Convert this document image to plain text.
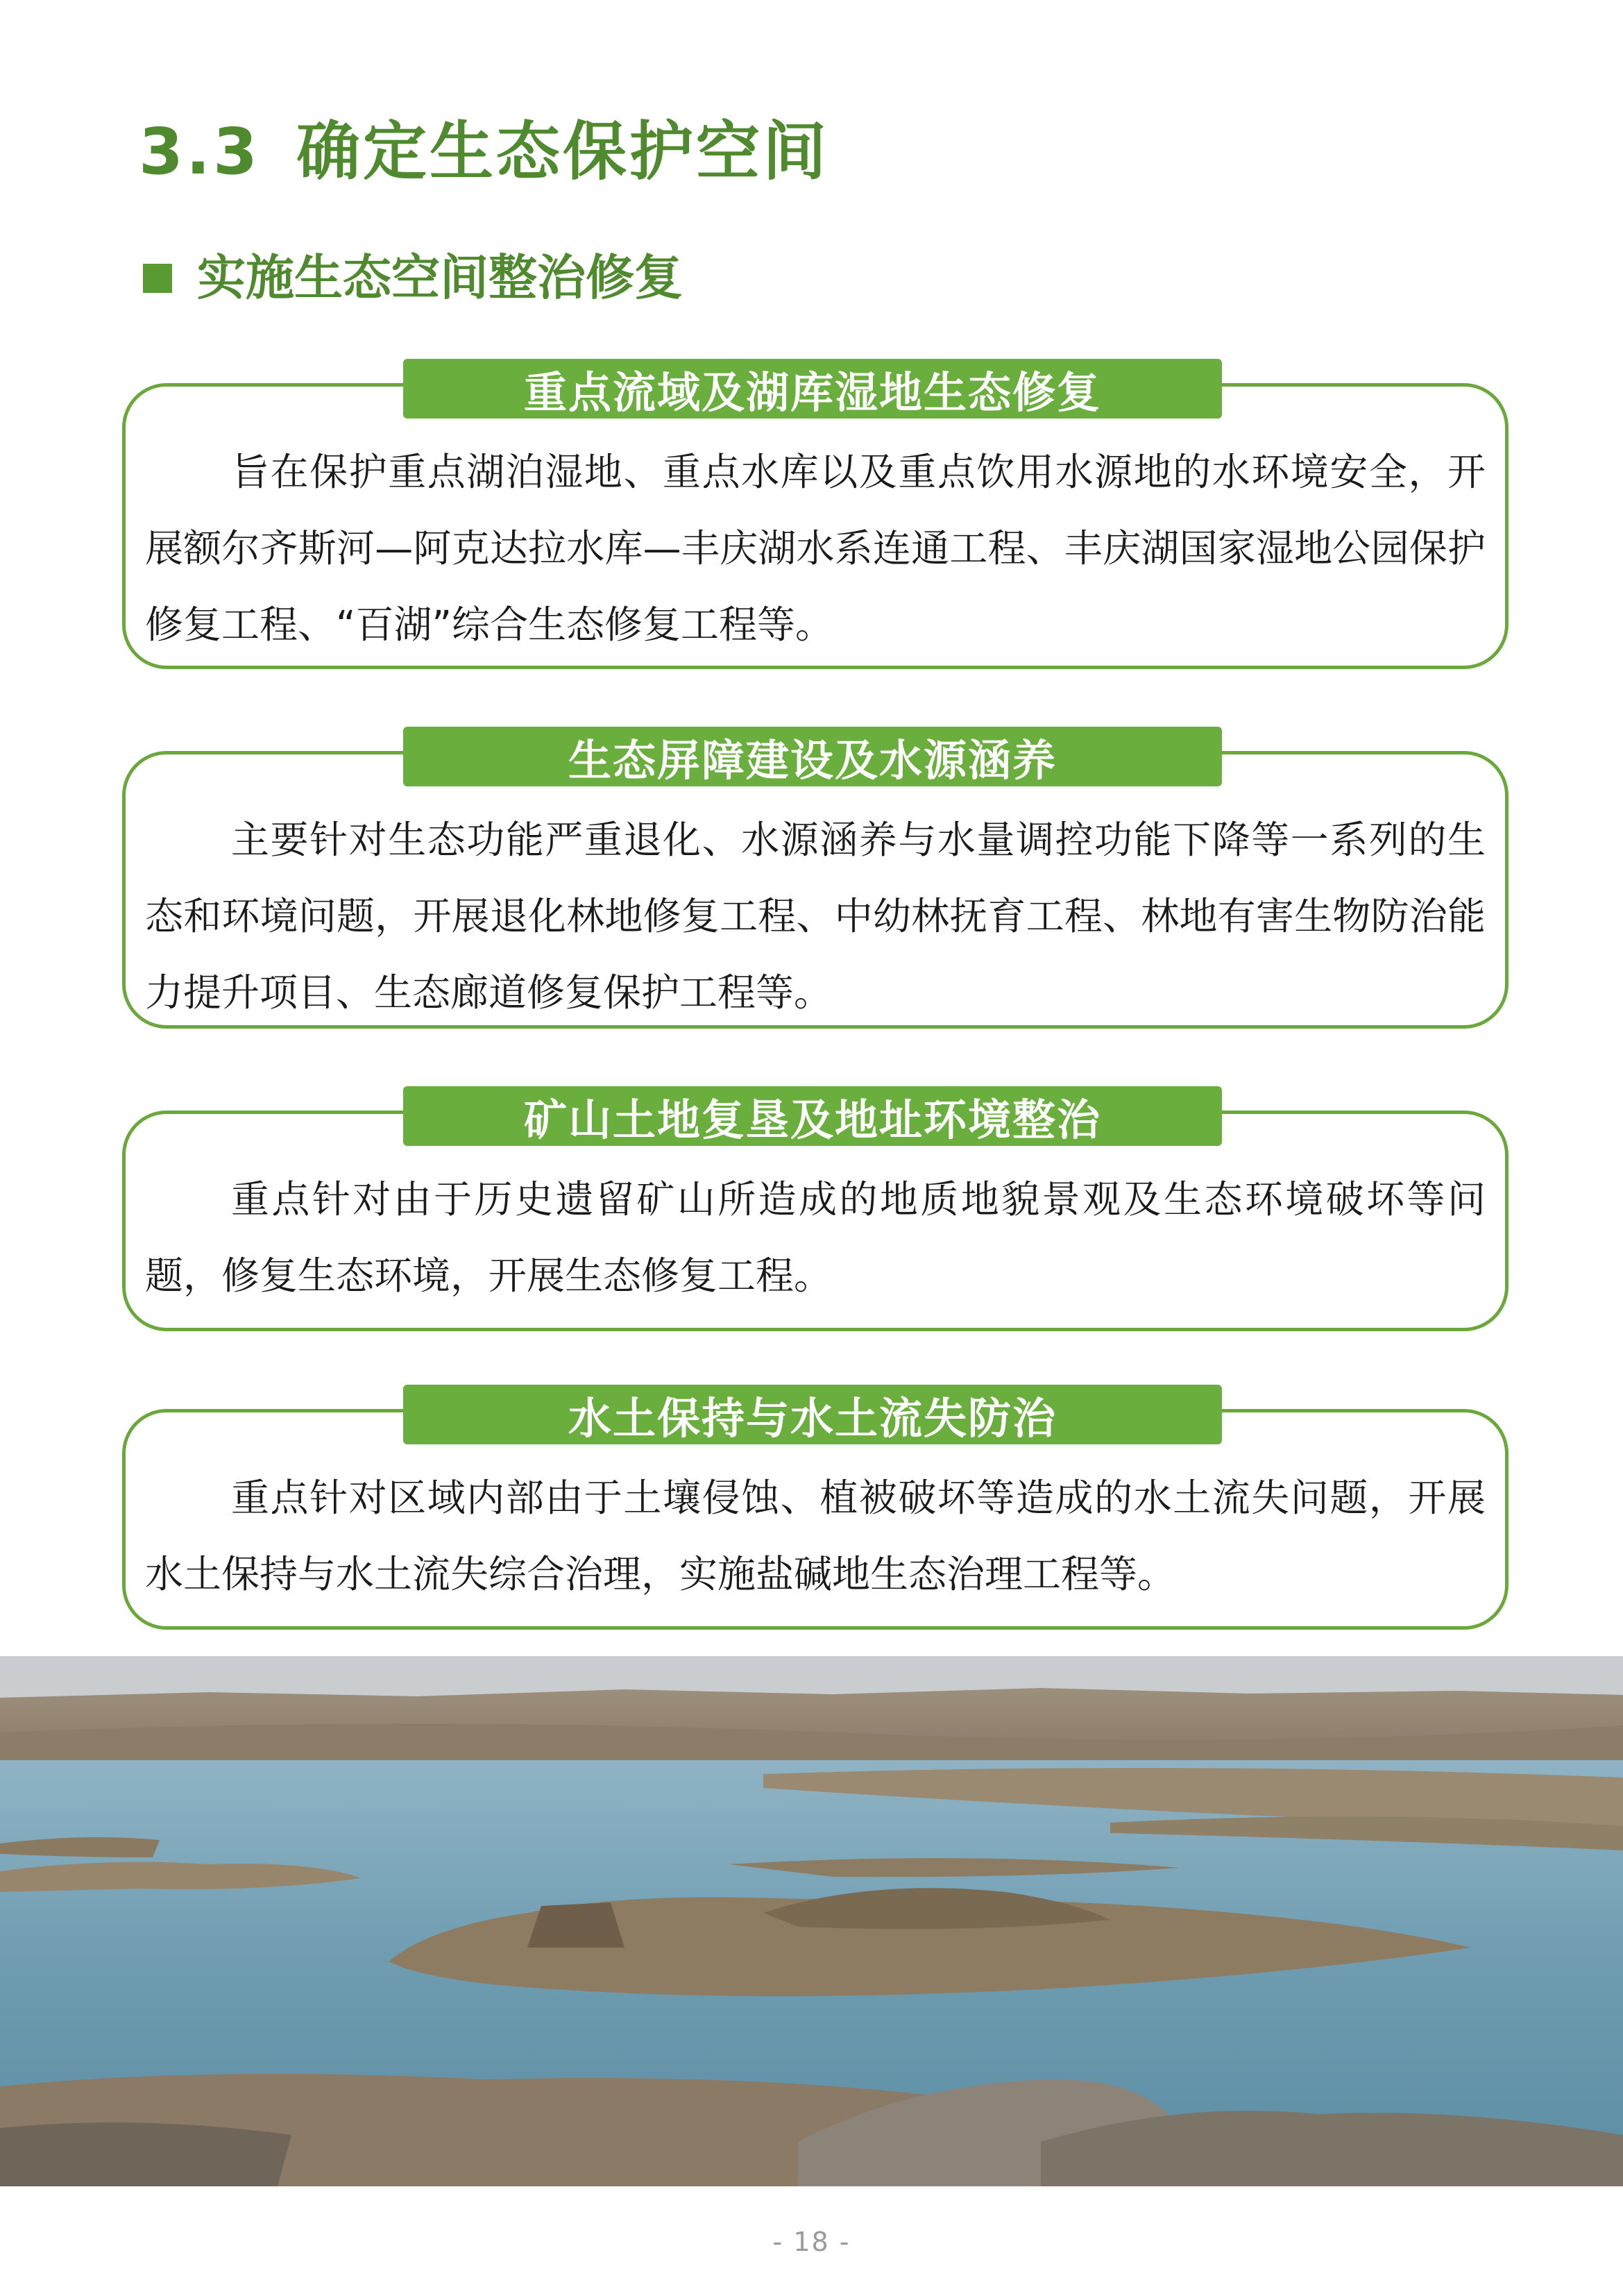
3.3 确定生态保护空间
实施生态空间整治修复
重点流域及湖库湿地生态修复

旨在保护重点湖泊湿地、重点水库以及重点饮用水源地的水环境安全，开展额尔齐斯河—阿克达拉水库—丰庆湖水系连通工程、丰庆湖国家湿地公园保护修复工程、“百湖”综合生态修复工程等。

生态屏障建设及水源涵养

主要针对生态功能严重退化、水源涵养与水量调控功能下降等一系列的生态和环境问题，开展退化林地修复工程、中幼林抚育工程、林地有害生物防治能力提升项目、生态廊道修复保护工程等。

矿山土地复垦及地址环境整治

重点针对由于历史遗留矿山所造成的地质地貌景观及生态环境破坏等问题，修复生态环境，开展生态修复工程。

水土保持与水土流失防治

重点针对区域内部由于土壤侵蚀、植被破坏等造成的水土流失问题，开展水土保持与水土流失综合治理，实施盐碱地生态治理工程等。

- 18 -
